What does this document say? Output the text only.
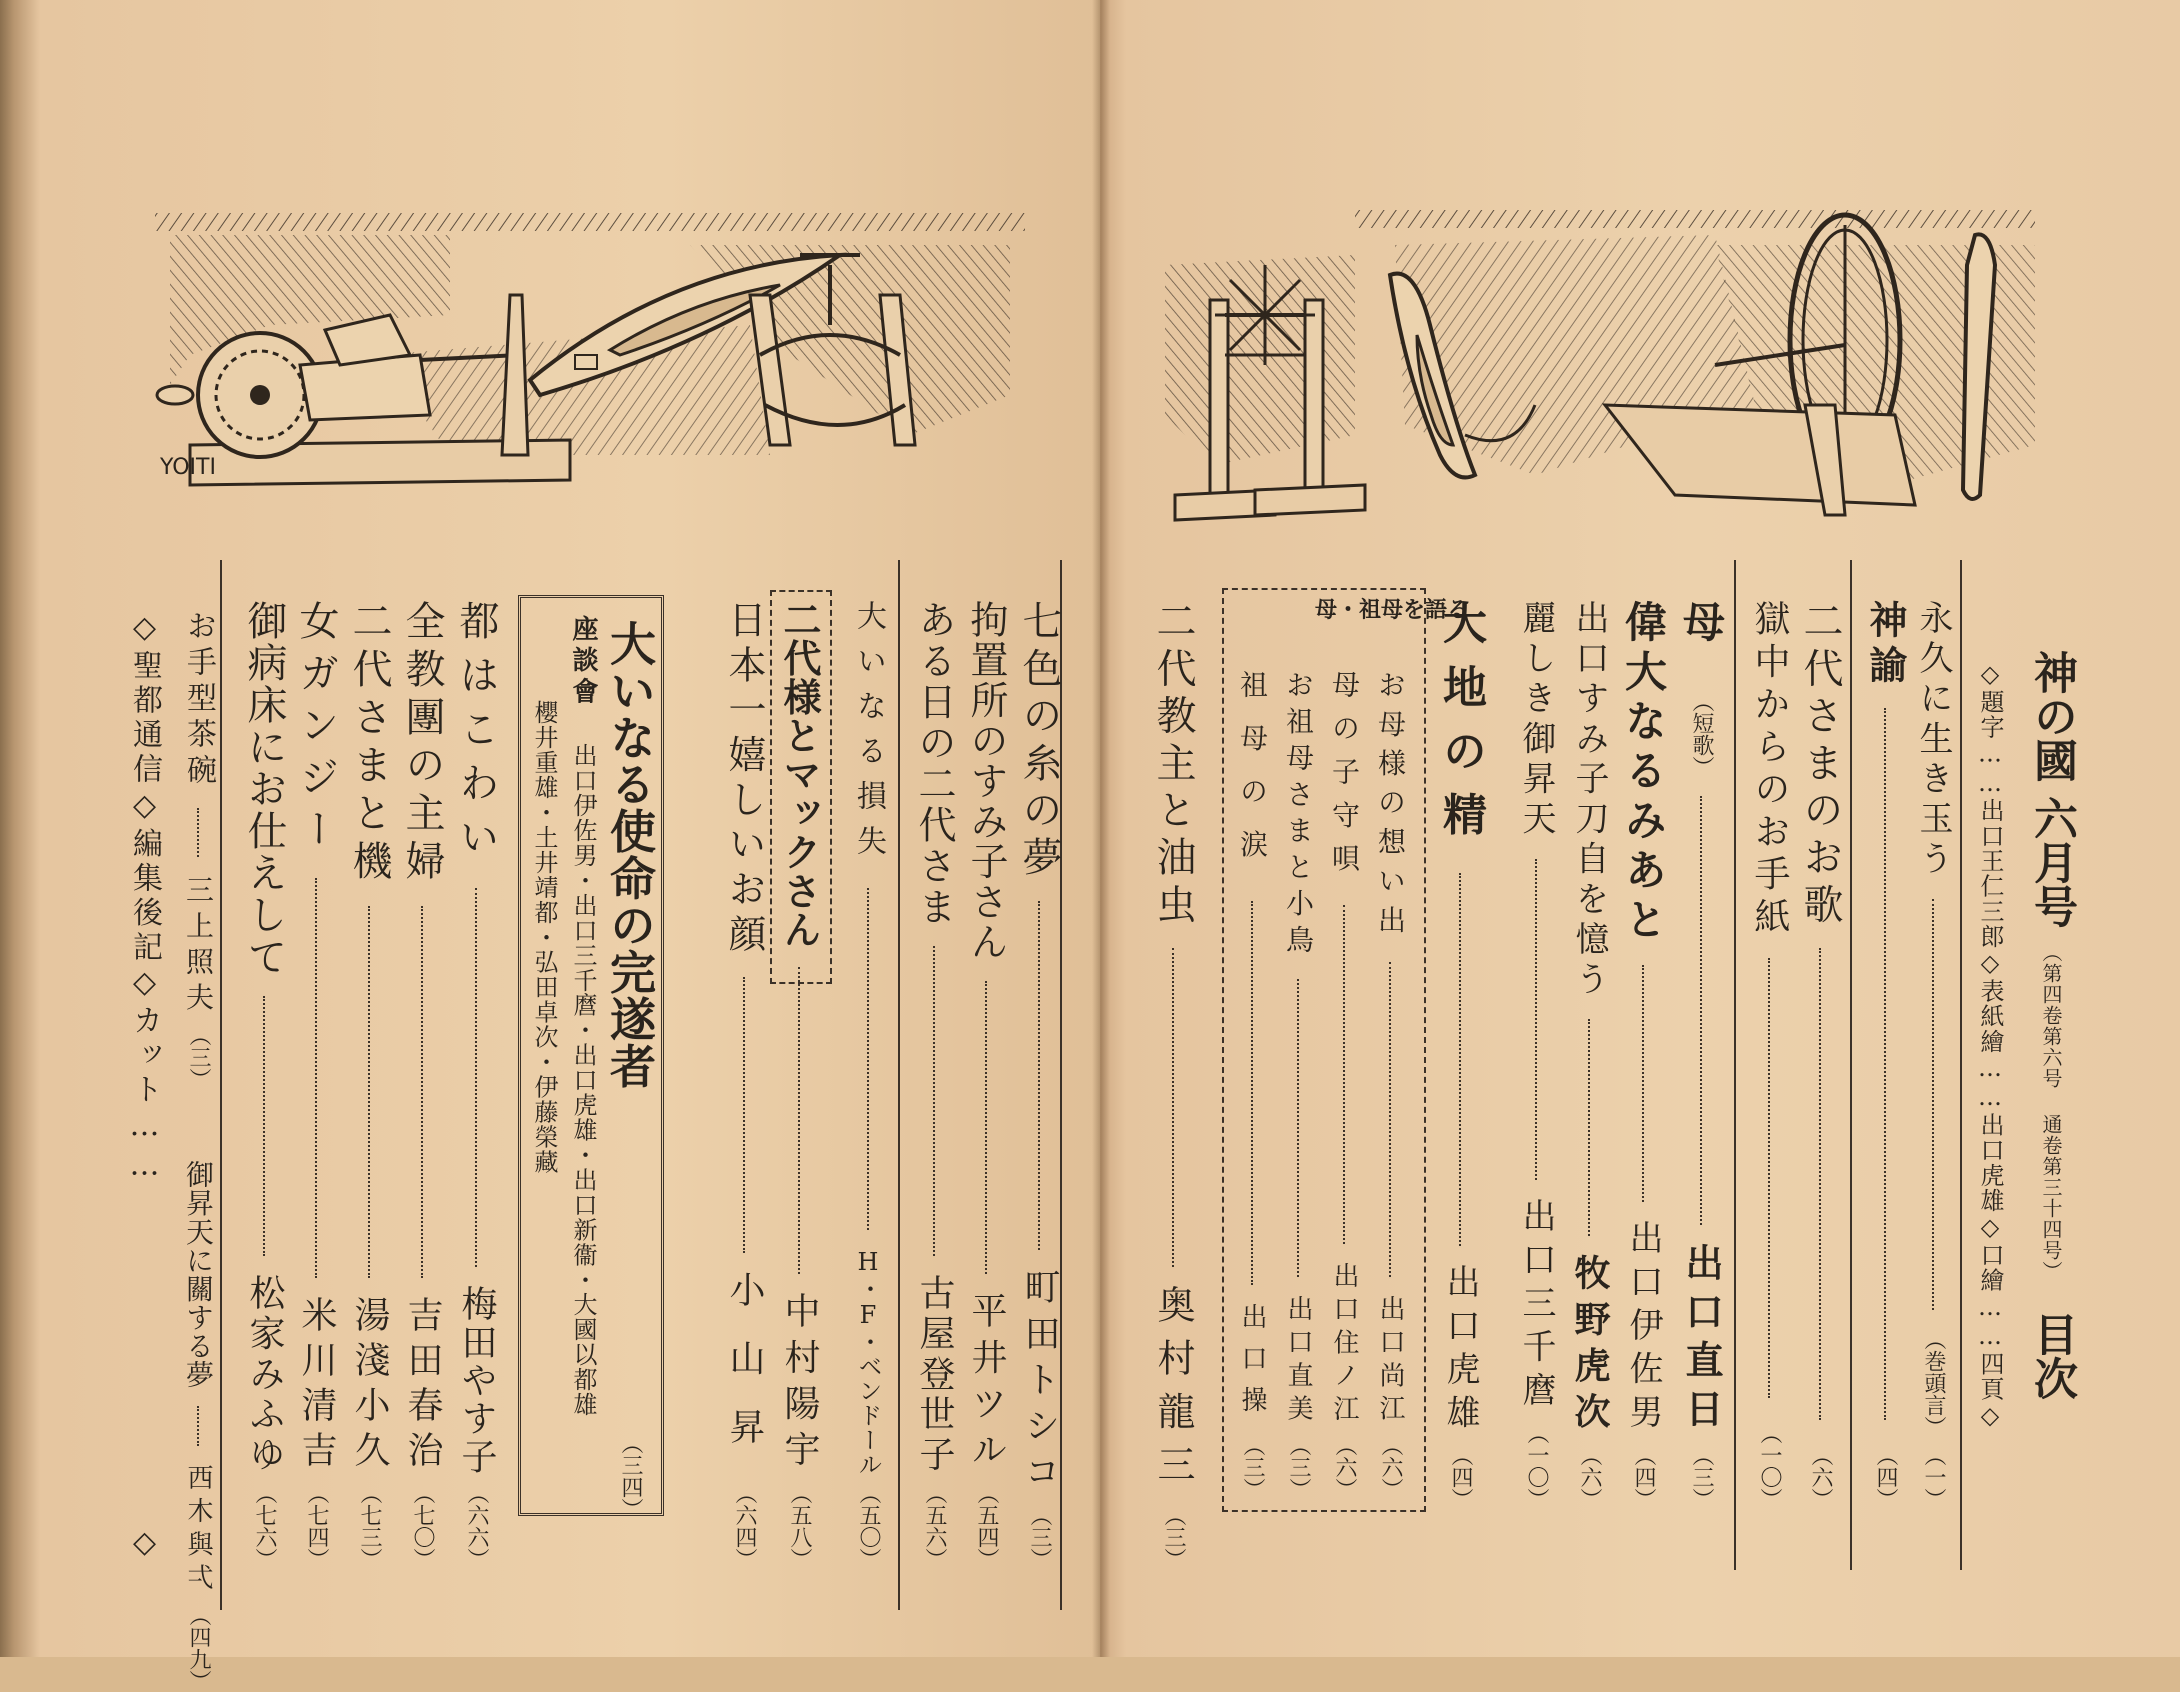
YOITI
神の國
六月号
（第四卷第六号 通卷第三十四号）
目次
◇題字……出口王仁三郎◇表紙繪……出口虎雄◇口繪……四頁◇
永久に生き玉う
（巻頭言）
（一）
神諭
（四）
二代さまのお歌
（六）
獄中からのお手紙
（一〇）
母
（短歌）
出口直日
（三）
偉大なるみあと
出口伊佐男
（四）
出口すみ子刀自を憶う
牧野虎次
（六）
麗しき御昇天
出口三千麿
（一〇）
大地の精
出口虎雄
（四）
母・祖母を語る
お母様の想い出
出口尚江
（六）
母の子守唄
出口住ノ江
（六）
お祖母さまと小鳥
出口直美
（三）
祖母の涙
出口操
（三）
二代教主と油虫
奥村龍三
（三）
七色の糸の夢
町田トシコ
（三）
拘置所のすみ子さん
平井ツル
（五四）
ある日の二代さま
古屋登世子
（五六）
大いなる損失
H・F・ベンドール
（五〇）
二代様とマックさん
中村陽宇
（五八）
日本一嬉しいお顔
小山昇
（六四）
大いなる使命の完遂者
（三四）
座談會
出口伊佐男・出口三千麿・出口虎雄・出口新衞・大國以都雄
櫻井重雄・土井靖都・弘田卓次・伊藤榮藏
都はこわい
梅田やす子
（六六）
全教團の主婦
吉田春治
（七〇）
二代さまと機
湯淺小久
（七三）
女ガンジー
米川清吉
（七四）
御病床にお仕えして
松家みふゆ
（七六）
お手型茶碗
三上照夫
（三）
御昇天に關する夢
西木與弌
（四九）
◇聖都通信
◇編集後記
◇カット……
◇
